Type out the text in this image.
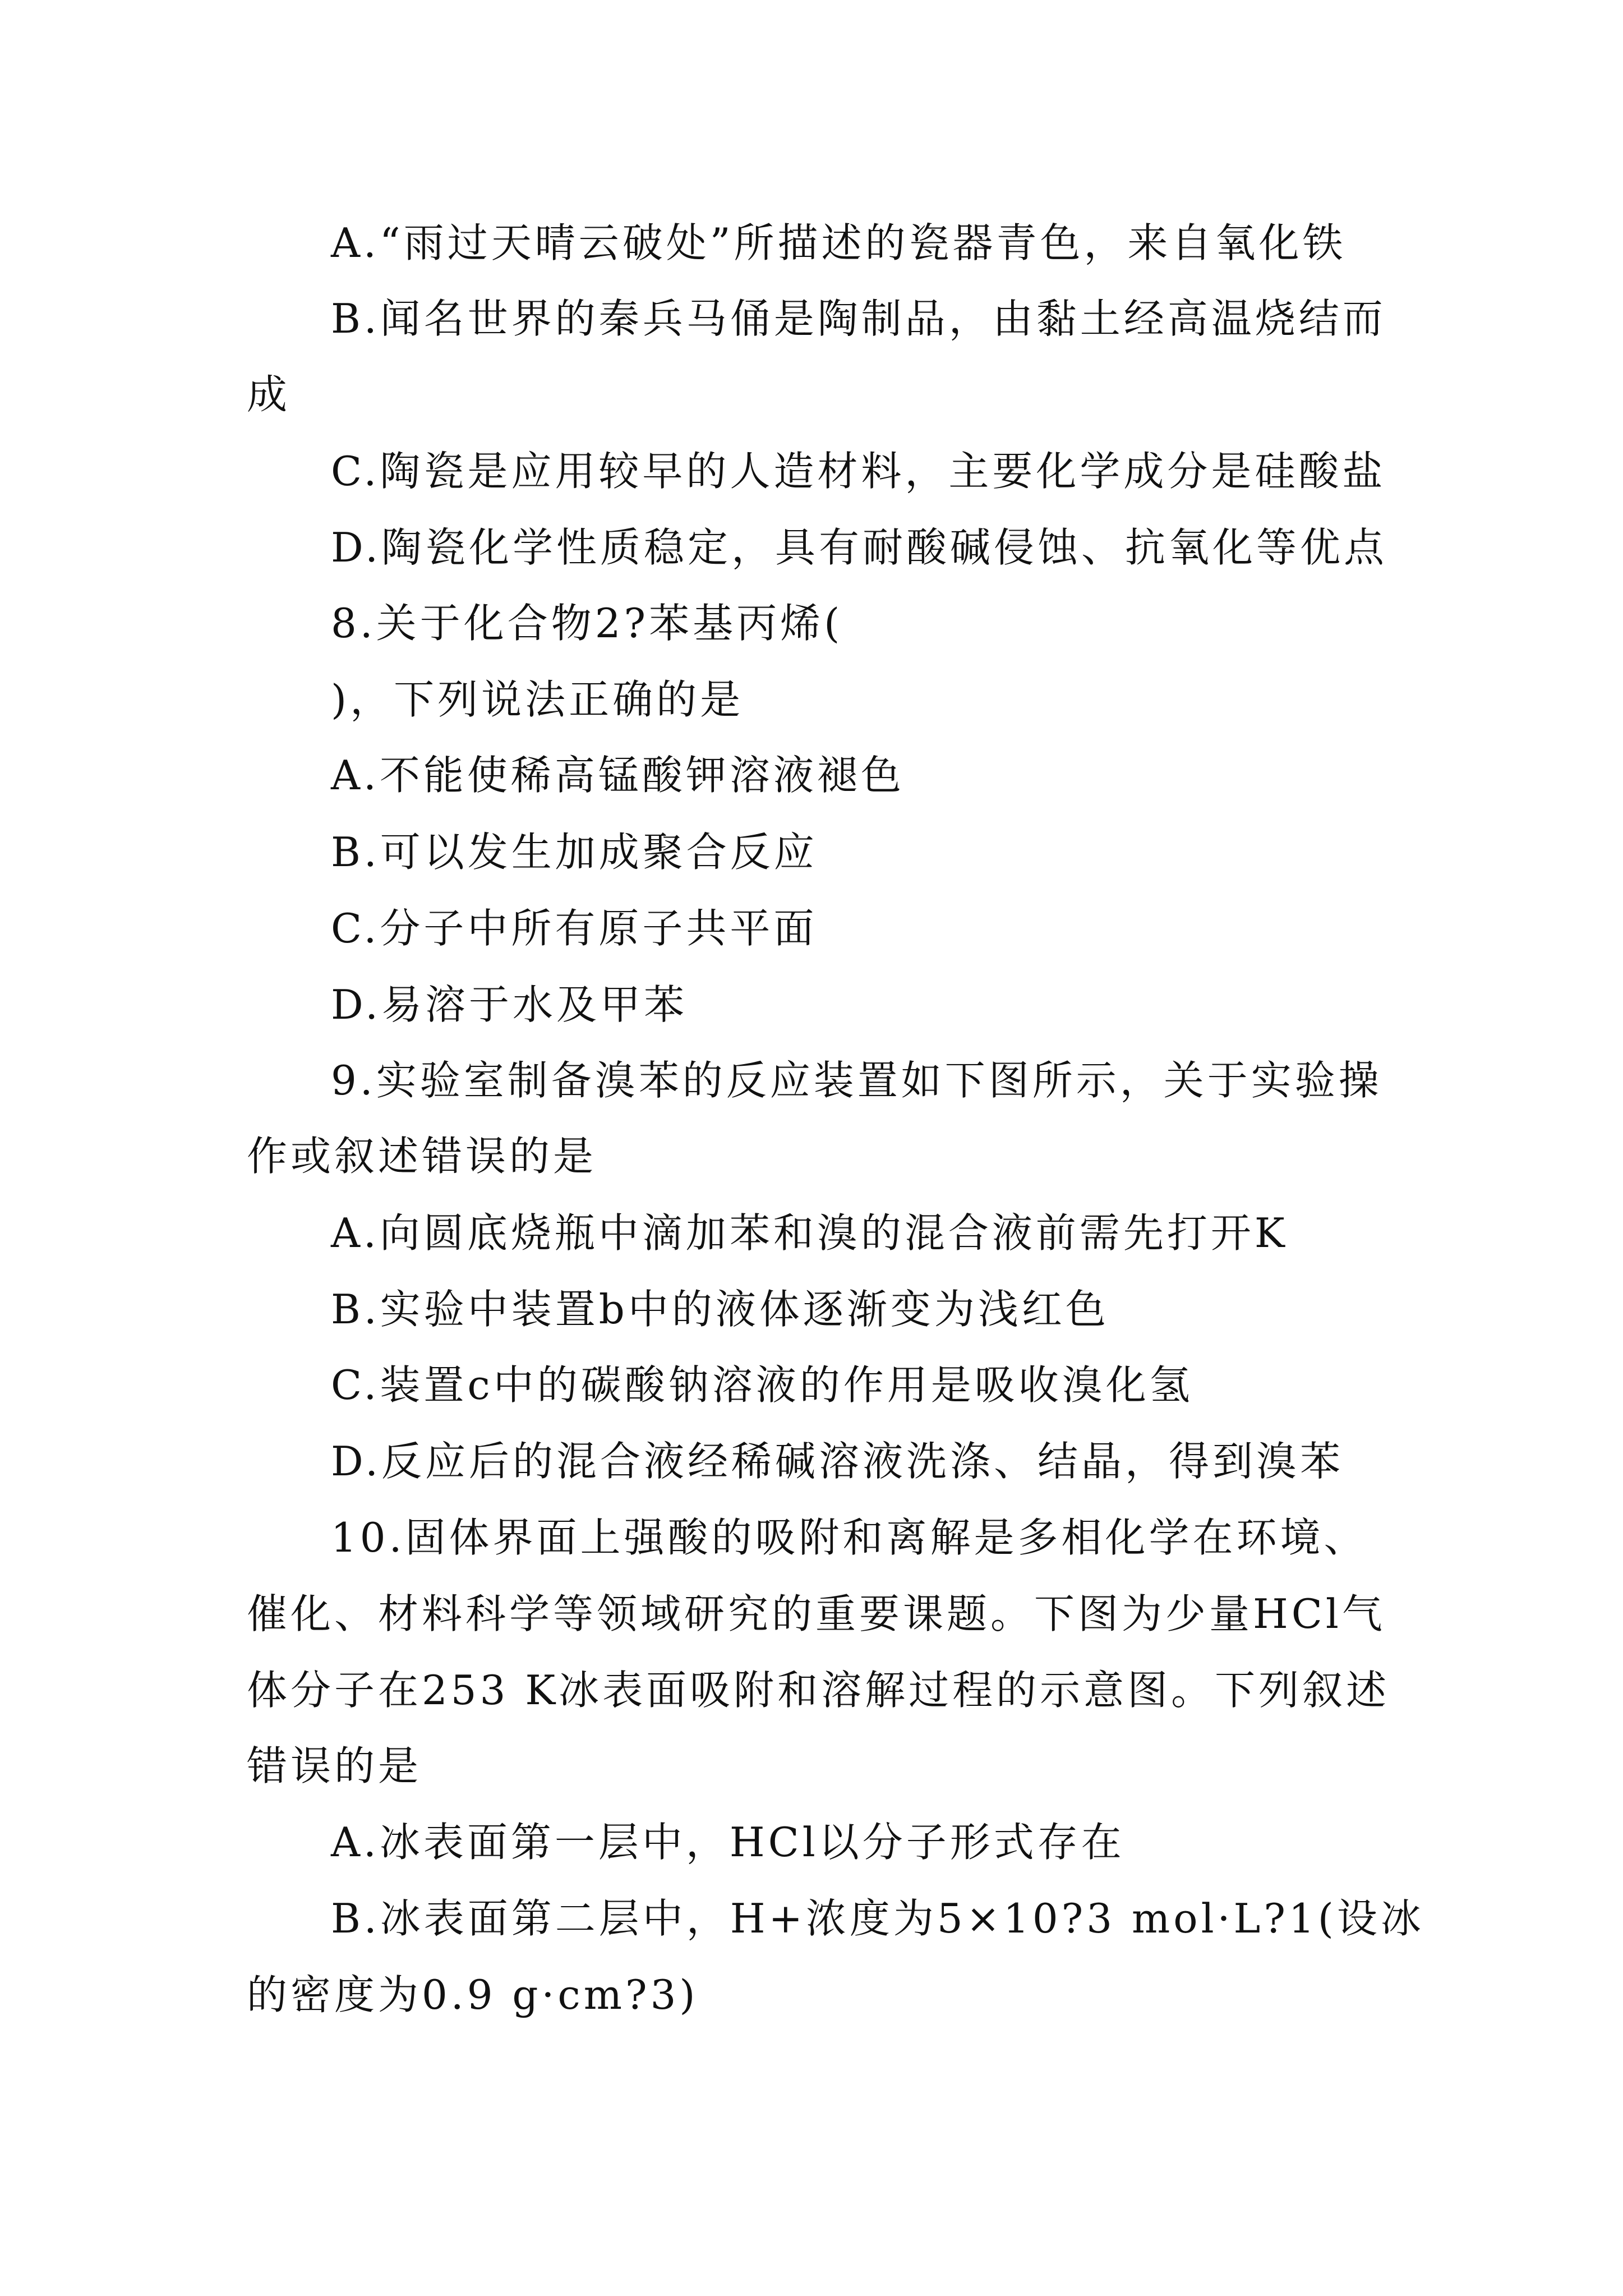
A.“雨过天晴云破处”所描述的瓷器青色，来自氧化铁
B.闻名世界的秦兵马俑是陶制品，由黏土经高温烧结而
成
C.陶瓷是应用较早的人造材料，主要化学成分是硅酸盐
D.陶瓷化学性质稳定，具有耐酸碱侵蚀、抗氧化等优点
8.关于化合物2?苯基丙烯(
)，下列说法正确的是
A.不能使稀高锰酸钾溶液褪色
B.可以发生加成聚合反应
C.分子中所有原子共平面
D.易溶于水及甲苯
9.实验室制备溴苯的反应装置如下图所示，关于实验操
作或叙述错误的是
A.向圆底烧瓶中滴加苯和溴的混合液前需先打开K
B.实验中装置b中的液体逐渐变为浅红色
C.装置c中的碳酸钠溶液的作用是吸收溴化氢
D.反应后的混合液经稀碱溶液洗涤、结晶，得到溴苯
10.固体界面上强酸的吸附和离解是多相化学在环境、
催化、材料科学等领域研究的重要课题。下图为少量HCl气
体分子在253 K冰表面吸附和溶解过程的示意图。下列叙述
错误的是
A.冰表面第一层中，HCl以分子形式存在
B.冰表面第二层中，H+浓度为5×10?3 mol·L?1(设冰
的密度为0.9 g·cm?3)
